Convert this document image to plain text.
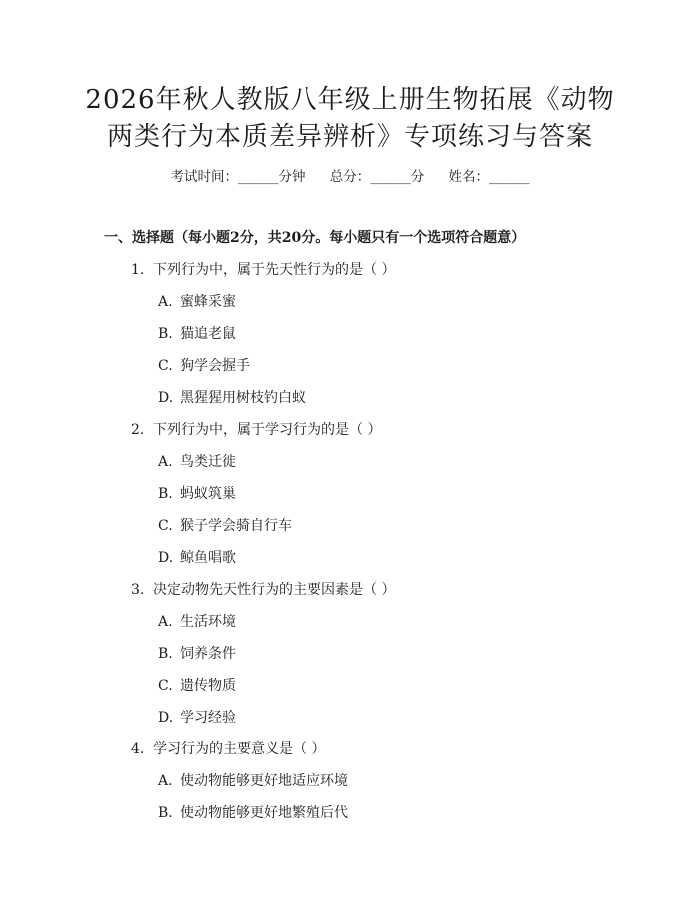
2026年秋人教版八年级上册生物拓展《动物
两类行为本质差异辨析》专项练习与答案
考试时间：______分钟 总分：______分 姓名：______
一、选择题（每小题2分，共20分。每小题只有一个选项符合题意）
1. 下列行为中，属于先天性行为的是（ ）
A. 蜜蜂采蜜
B. 猫追老鼠
C. 狗学会握手
D. 黑猩猩用树枝钓白蚁
2. 下列行为中，属于学习行为的是（ ）
A. 鸟类迁徙
B. 蚂蚁筑巢
C. 猴子学会骑自行车
D. 鲸鱼唱歌
3. 决定动物先天性行为的主要因素是（ ）
A. 生活环境
B. 饲养条件
C. 遗传物质
D. 学习经验
4. 学习行为的主要意义是（ ）
A. 使动物能够更好地适应环境
B. 使动物能够更好地繁殖后代
